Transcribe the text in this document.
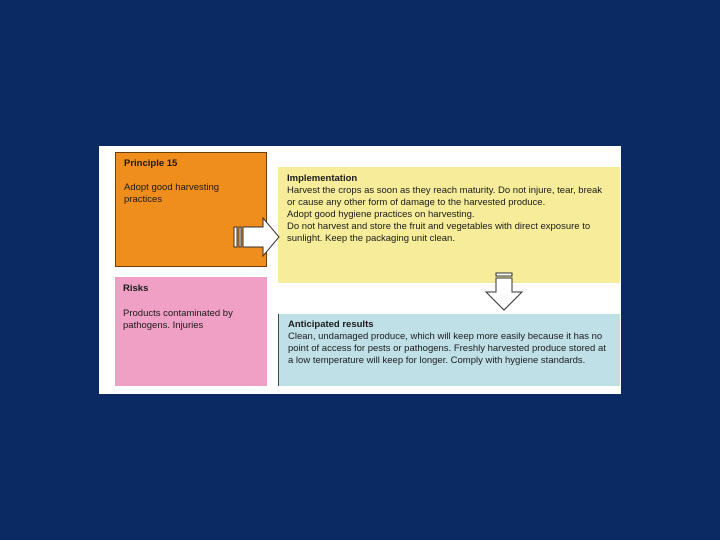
Principle 15
Adopt good harvesting practices
Risks
Products contaminated by pathogens. Injuries
Implementation
Harvest the crops as soon as they reach maturity. Do not injure, tear, break or cause any other form of damage to the harvested produce.
Adopt good hygiene practices on harvesting.
Do not harvest and store the fruit and vegetables with direct exposure to sunlight. Keep the packaging unit clean.
Anticipated results
Clean, undamaged produce, which will keep more easily because it has no point of access for pests or pathogens. Freshly harvested produce stored at a low temperature will keep for longer. Comply with hygiene standards.
